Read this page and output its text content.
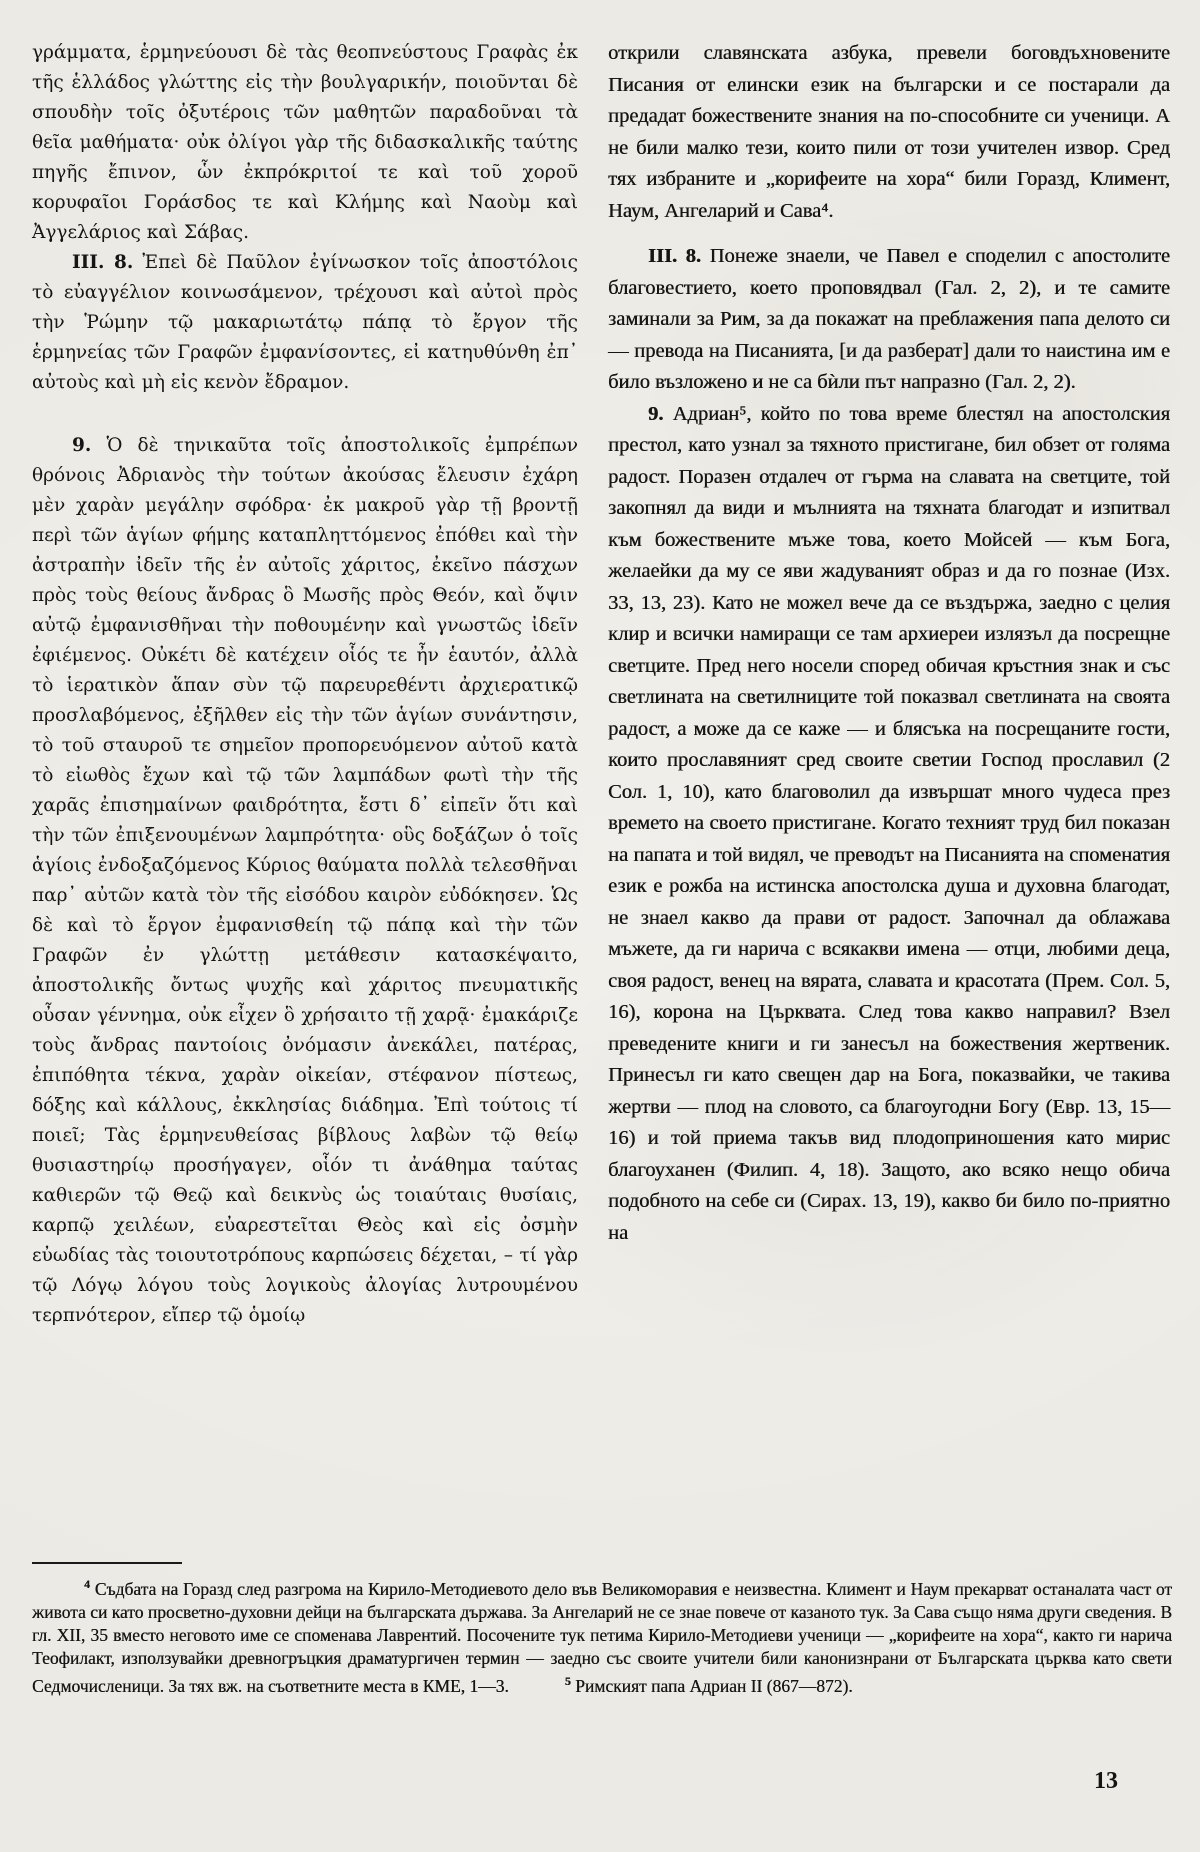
γράμματα, ἑρμηνεύουσι δὲ τὰς θεοπνεύστους Γραφὰς ἐκ τῆς ἑλλάδος γλώττης εἰς τὴν βουλγαρικήν, ποιοῦνται δὲ σπουδὴν τοῖς ὀξυτέροις τῶν μαθητῶν παραδοῦναι τὰ θεῖα μαθήματα· οὐκ ὀλίγοι γὰρ τῆς διδασκαλικῆς ταύτης πηγῆς ἔπινον, ὧν ἐκπρόκριτοί τε καὶ τοῦ χοροῦ κορυφαῖοι Γοράσδος τε καὶ Κλήμης καὶ Ναοὺμ καὶ Ἀγγελάριος καὶ Σάβας.

III. 8. Ἐπεὶ δὲ Παῦλον ἐγίνωσκον τοῖς ἀποστόλοις τὸ εὐαγγέλιον κοινωσάμενον, τρέχουσι καὶ αὐτοὶ πρὸς τὴν Ῥώμην τῷ μακαριωτάτῳ πάπᾳ τὸ ἔργον τῆς ἑρμηνείας τῶν Γραφῶν ἐμφανίσοντες, εἰ κατηυθύνθη ἐπ᾽ αὐτοὺς καὶ μὴ εἰς κενὸν ἔδραμον.

9. Ὁ δὲ τηνικαῦτα τοῖς ἀποστολικοῖς ἐμπρέπων θρόνοις Ἀδριανὸς τὴν τούτων ἀκούσας ἔλευσιν ἐχάρη μὲν χαρὰν μεγάλην σφόδρα· ἐκ μακροῦ γὰρ τῇ βροντῇ περὶ τῶν ἁγίων φήμης καταπληττόμενος ἐπόθει καὶ τὴν ἀστραπὴν ἰδεῖν τῆς ἐν αὐτοῖς χάριτος, ἐκεῖνο πάσχων πρὸς τοὺς θείους ἄνδρας ὃ Μωσῆς πρὸς Θεόν, καὶ ὄψιν αὐτῷ ἐμφανισθῆναι τὴν ποθουμένην καὶ γνωστῶς ἰδεῖν ἐφιέμενος. Οὐκέτι δὲ κατέχειν οἷός τε ἦν ἑαυτόν, ἀλλὰ τὸ ἱερατικὸν ἅπαν σὺν τῷ παρευρεθέντι ἀρχιερατικῷ προσλαβόμενος, ἐξῆλθεν εἰς τὴν τῶν ἁγίων συνάντησιν, τὸ τοῦ σταυροῦ τε σημεῖον προπορευόμενον αὐτοῦ κατὰ τὸ εἰωθὸς ἔχων καὶ τῷ τῶν λαμπάδων φωτὶ τὴν τῆς χαρᾶς ἐπισημαίνων φαιδρότητα, ἔστι δ᾽ εἰπεῖν ὅτι καὶ τὴν τῶν ἐπιξενουμένων λαμπρότητα· οὓς δοξάζων ὁ τοῖς ἁγίοις ἐνδοξαζόμενος Κύριος θαύματα πολλὰ τελεσθῆναι παρ᾽ αὐτῶν κατὰ τὸν τῆς εἰσόδου καιρὸν εὐδόκησεν. Ὡς δὲ καὶ τὸ ἔργον ἐμφανισθείη τῷ πάπᾳ καὶ τὴν τῶν Γραφῶν ἐν γλώττῃ μετάθεσιν κατασκέψαιτο, ἀποστολικῆς ὄντως ψυχῆς καὶ χάριτος πνευματικῆς οὖσαν γέννημα, οὐκ εἶχεν ὃ χρήσαιτο τῇ χαρᾷ· ἐμακάριζε τοὺς ἄνδρας παντοίοις ὀνόμασιν ἀνεκάλει, πατέρας, ἐπιπόθητα τέκνα, χαρὰν οἰκείαν, στέφανον πίστεως, δόξης καὶ κάλλους, ἐκκλησίας διάδημα. Ἐπὶ τούτοις τί ποιεῖ; Τὰς ἑρμηνευθείσας βίβλους λαβὼν τῷ θείῳ θυσιαστηρίῳ προσήγαγεν, οἷόν τι ἀνάθημα ταύτας καθιερῶν τῷ Θεῷ καὶ δεικνὺς ὡς τοιαύταις θυσίαις, καρπῷ χειλέων, εὐαρεστεῖται Θεὸς καὶ εἰς ὀσμὴν εὐωδίας τὰς τοιουτοτρόπους καρπώσεις δέχεται, – τί γὰρ τῷ Λόγῳ λόγου τοὺς λογικοὺς ἀλογίας λυτρουμένου τερπνότερον, εἴπερ τῷ ὁμοίῳ

открили славянската азбука, превели боговдъхновените Писания от елински език на български и се постарали да предадат божествените знания на по-способните си ученици. А не били малко тези, които пили от този учителен извор. Сред тях избраните и „корифеите на хора“ били Горазд, Климент, Наум, Ангеларий и Сава⁴.

III. 8. Понеже знаели, че Павел е споделил с апостолите благовестието, което проповядвал (Гал. 2, 2), и те самите заминали за Рим, за да покажат на преблажения папа делото си — превода на Писанията, [и да разберат] дали то наистина им е било възложено и не са бѝли път напразно (Гал. 2, 2).

9. Адриан⁵, който по това време блестял на апостолския престол, като узнал за тяхното пристигане, бил обзет от голяма радост. Поразен отдалеч от гърма на славата на светците, той закопнял да види и мълнията на тяхната благодат и изпитвал към божествените мъже това, което Мойсей — към Бога, желаейки да му се яви жадуваният образ и да го познае (Изх. 33, 13, 23). Като не можел вече да се въздържа, заедно с целия клир и всички намиращи се там архиереи излязъл да посрещне светците. Пред него носели според обичая кръстния знак и със светлината на светилниците той показвал светлината на своята радост, а може да се каже — и блясъка на посрещаните гости, които прославяният сред своите светии Господ прославил (2 Сол. 1, 10), като благоволил да извършат много чудеса през времето на своето пристигане. Когато техният труд бил показан на папата и той видял, че преводът на Писанията на споменатия език е рожба на истинска апостолска душа и духовна благодат, не знаел какво да прави от радост. Започнал да облажава мъжете, да ги нарича с всякакви имена — отци, любими деца, своя радост, венец на вярата, славата и красотата (Прем. Сол. 5, 16), корона на Църквата. След това какво направил? Взел преведените книги и ги занесъл на божествения жертвеник. Принесъл ги като свещен дар на Бога, показвайки, че такива жертви — плод на словото, са благоугодни Богу (Евр. 13, 15—16) и той приема такъв вид плодоприношения като мирис благоуханен (Филип. 4, 18). Защото, ако всяко нещо обича подобното на себе си (Сирах. 13, 19), какво би било по-приятно на

$^4$ Съдбата на Горазд след разгрома на Кирило-Методиевото дело във Великоморавия е неизвестна. Климент и Наум прекарват останалата част от живота си като просветно-духовни дейци на българската държава. За Ангеларий не се знае повече от казаното тук. За Сава също няма други сведения. В гл. XII, 35 вместо неговото име се споменава Лаврентий. Посочените тук петима Кирило-Методиеви ученици — „корифеите на хора“, както ги нарича Теофилакт, използувайки древногръцкия драматургичен термин — заедно със своите учители били канонизнрани от Българската църква като свети Седмочисленици. За тях вж. на съответните места в КМЕ, 1—3.	$^5$ Римският папа Адриан II (867—872).

13
